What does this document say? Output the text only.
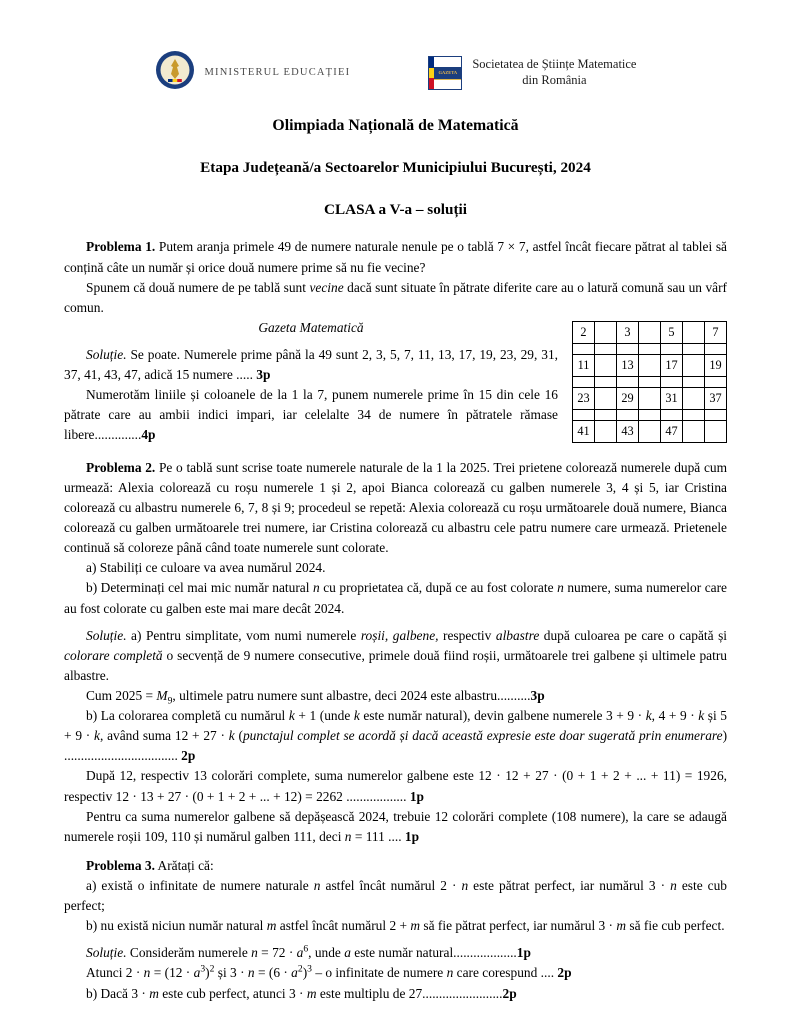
MINISTERUL EDUCAȚIEI	GAZETA
Societatea de Științe Matematice
din România

Olimpiada Națională de Matematică

Etapa Județeană/a Sectoarelor Municipiului București, 2024

CLASA a V-a – soluții

Problema 1. Putem aranja primele 49 de numere naturale nenule pe o tablă 7 × 7, astfel încât fiecare pătrat al tablei să conțină câte un număr și orice două numere prime să nu fie vecine?

Spunem că două numere de pe tablă sunt vecine dacă sunt situate în pătrate diferite care au o latură comună sau un vârf comun.

2		3		5		7

11		13		17		19

23		29		31		37

41		43		47		

Gazeta Matematică

Soluție. Se poate. Numerele prime până la 49 sunt 2, 3, 5, 7, 11, 13, 17, 19, 23, 29, 31, 37, 41, 43, 47, adică 15 numere ..... 3p

Numerotăm liniile și coloanele de la 1 la 7, punem numerele prime în 15 din cele 16 pătrate care au ambii indici impari, iar celelalte 34 de numere în pătratele rămase libere..............4p

Problema 2. Pe o tablă sunt scrise toate numerele naturale de la 1 la 2025. Trei prietene colorează numerele după cum urmează: Alexia colorează cu roșu numerele 1 și 2, apoi Bianca colorează cu galben numerele 3, 4 și 5, iar Cristina colorează cu albastru numerele 6, 7, 8 și 9; procedeul se repetă: Alexia colorează cu roșu următoarele două numere, Bianca colorează cu galben următoarele trei numere, iar Cristina colorează cu albastru cele patru numere care urmează. Prietenele continuă să coloreze până când toate numerele sunt colorate.

a) Stabiliți ce culoare va avea numărul 2024.

b) Determinați cel mai mic număr natural n cu proprietatea că, după ce au fost colorate n numere, suma numerelor care au fost colorate cu galben este mai mare decât 2024.

Soluție. a) Pentru simplitate, vom numi numerele roșii, galbene, respectiv albastre după culoarea pe care o capătă și colorare completă o secvență de 9 numere consecutive, primele două fiind roșii, următoarele trei galbene și ultimele patru albastre.

Cum $2025 = M_9$, ultimele patru numere sunt albastre, deci 2024 este albastru..........3p

b) La colorarea completă cu numărul k + 1 (unde k este număr natural), devin galbene numerele 3 + 9 · k, 4 + 9 · k și 5 + 9 · k, având suma 12 + 27 · k (punctajul complet se acordă și dacă această expresie este doar sugerată prin enumerare) .................................. 2p

După 12, respectiv 13 colorări complete, suma numerelor galbene este 12 · 12 + 27 · (0 + 1 + 2 + ... + 11) = 1926, respectiv 12 · 13 + 27 · (0 + 1 + 2 + ... + 12) = 2262 .................. 1p

Pentru ca suma numerelor galbene să depășească 2024, trebuie 12 colorări complete (108 numere), la care se adaugă numerele roșii 109, 110 și numărul galben 111, deci n = 111 .... 1p

Problema 3. Arătați că:

a) există o infinitate de numere naturale n astfel încât numărul 2 · n este pătrat perfect, iar numărul 3 · n este cub perfect;

b) nu există niciun număr natural m astfel încât numărul 2 + m să fie pătrat perfect, iar numărul 3 · m să fie cub perfect.

Soluție. Considerăm numerele $n = 72 \cdot a^6$, unde a este număr natural...................1p

Atunci $2 \cdot n = (12 \cdot a^3)^2$ și $3 \cdot n = (6 \cdot a^2)^3 - o$ infinitate de numere n care corespund .... 2p

b) Dacă 3 · m este cub perfect, atunci 3 · m este multiplu de 27........................2p
